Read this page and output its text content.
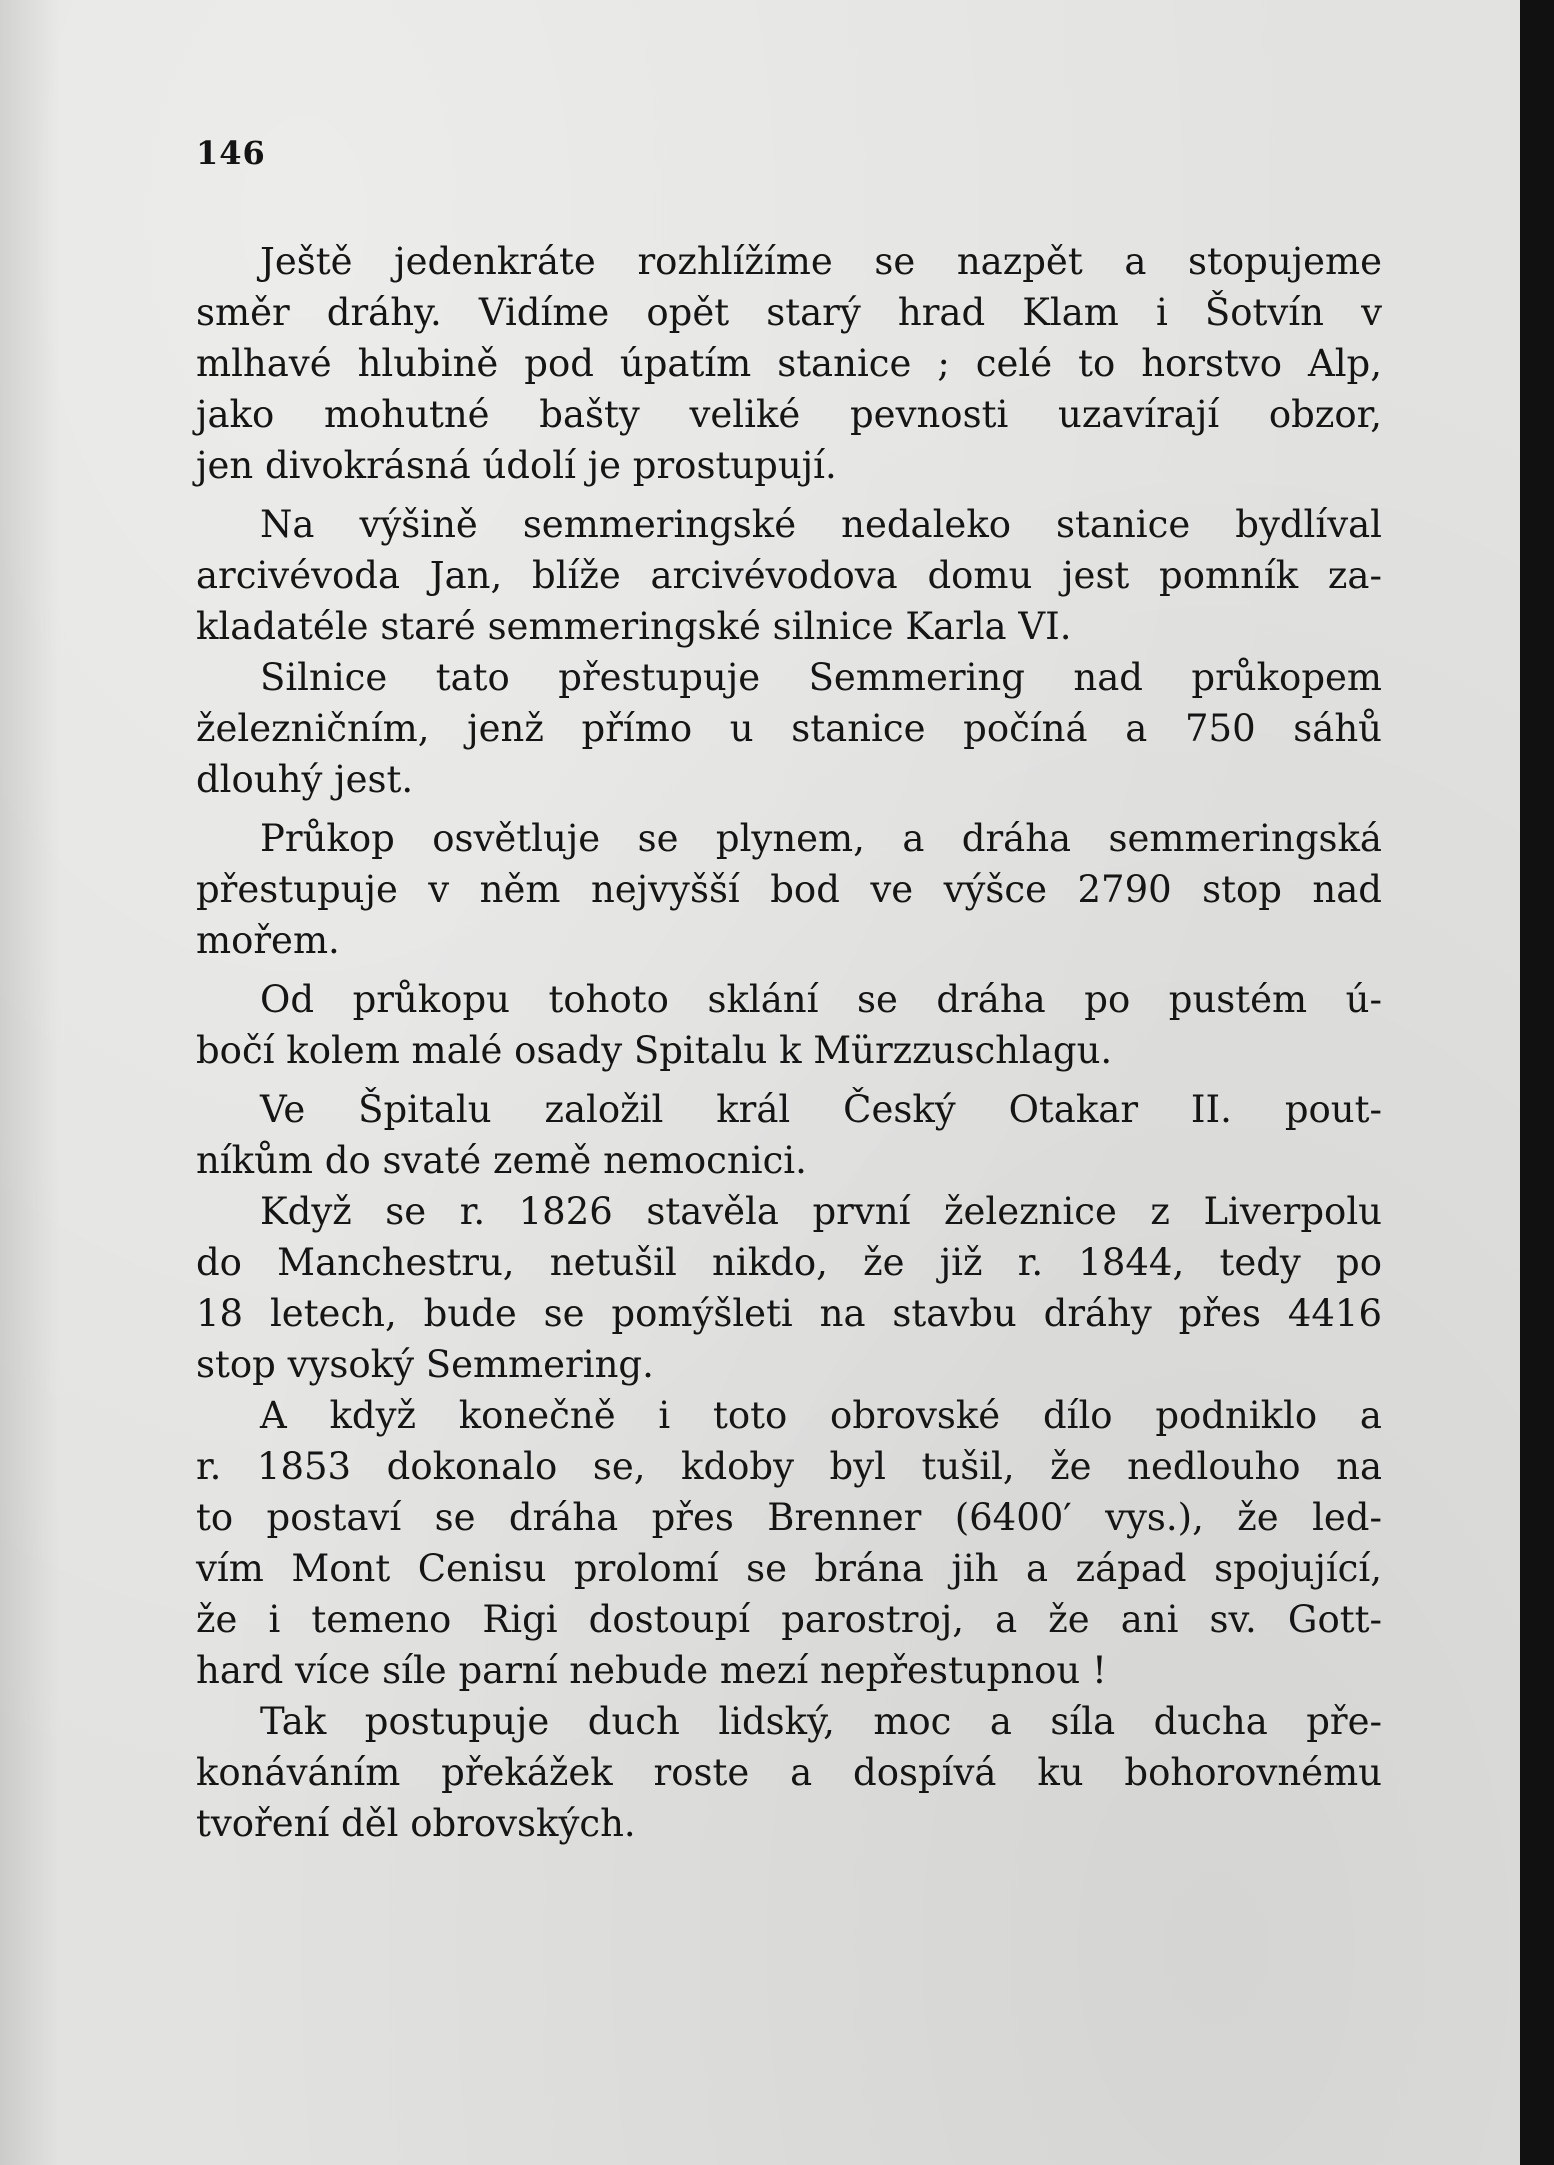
146
Ještě jedenkráte rozhlížíme se nazpět a stopujeme
směr dráhy. Vidíme opět starý hrad Klam i Šotvín v
mlhavé hlubině pod úpatím stanice ; celé to horstvo Alp,
jako mohutné bašty veliké pevnosti uzavírají obzor,
jen divokrásná údolí je prostupují.
Na výšině semmeringské nedaleko stanice bydlíval
arcivévoda Jan, blíže arcivévodova domu jest pomník za-
kladatéle staré semmeringské silnice Karla VI.
Silnice tato přestupuje Semmering nad průkopem
železničním, jenž přímo u stanice počíná a 750 sáhů
dlouhý jest.
Průkop osvětluje se plynem, a dráha semmeringská
přestupuje v něm nejvyšší bod ve výšce 2790 stop nad
mořem.
Od průkopu tohoto sklání se dráha po pustém ú-
bočí kolem malé osady Spitalu k Mürzzuschlagu.
Ve Špitalu založil král Český Otakar II. pout-
níkům do svaté země nemocnici.
Když se r. 1826 stavěla první železnice z Liverpolu
do Manchestru, netušil nikdo, že již r. 1844, tedy po
18 letech, bude se pomýšleti na stavbu dráhy přes 4416
stop vysoký Semmering.
A když konečně i toto obrovské dílo podniklo a
r. 1853 dokonalo se, kdoby byl tušil, že nedlouho na
to postaví se dráha přes Brenner (6400′ vys.), že led-
vím Mont Cenisu prolomí se brána jih a západ spojující,
že i temeno Rigi dostoupí parostroj, a že ani sv. Gott-
hard více síle parní nebude mezí nepřestupnou !
Tak postupuje duch lidský, moc a síla ducha pře-
konáváním překážek roste a dospívá ku bohorovnému
tvoření děl obrovských.
